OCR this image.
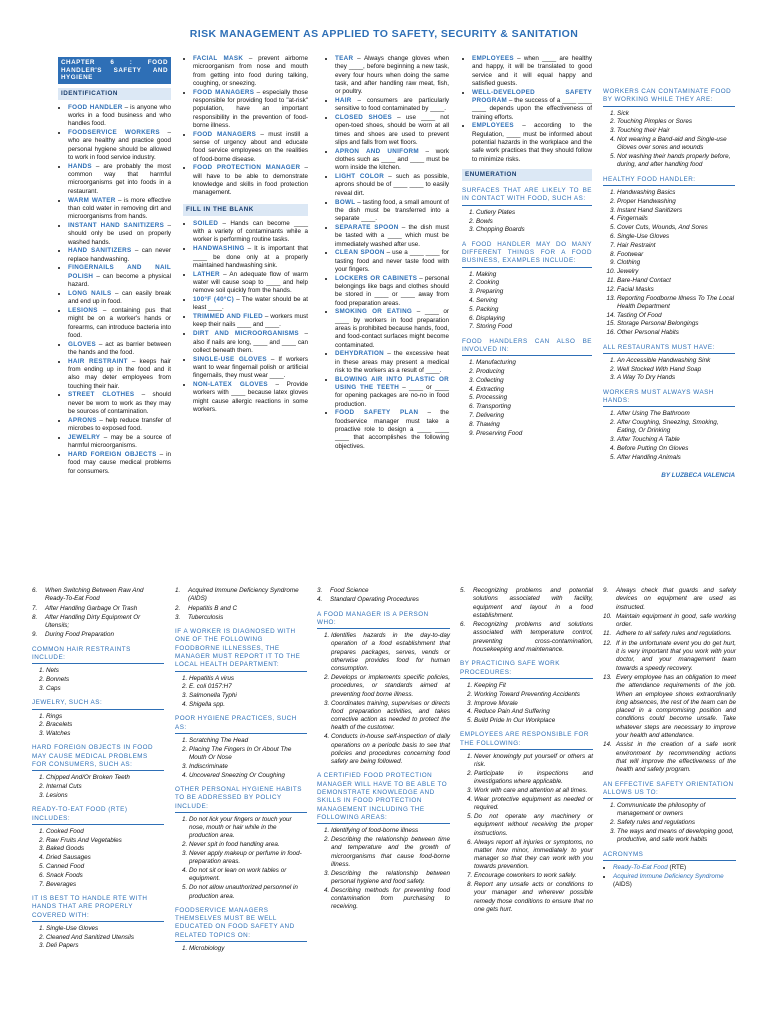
RISK MANAGEMENT AS APPLIED TO SAFETY, SECURITY & SANITATION
CHAPTER 6 : FOOD HANDLER'S SAFETY AND HYGIENE
IDENTIFICATION
• FOOD HANDLER – is anyone who works in a food business and who handles food.
• FOODSERVICE WORKERS – who are healthy and practice good personal hygiene should be allowed to work in food service industry.
• HANDS – are probably the most common way that harmful microorganisms get into foods in a restaurant.
• WARM WATER – is more effective than cold water in removing dirt and microorganisms from hands.
• INSTANT HAND SANITIZERS – should only be used on properly washed hands.
• HAND SANITIZERS – can never replace handwashing.
• FINGERNAILS AND NAIL POLISH – can become a physical hazard.
• LONG NAILS – can easily break and end up in food.
• LESIONS – containing pus that might be on a worker's hands or forearms, can introduce bacteria into food.
• GLOVES – act as barrier between the hands and the food.
• HAIR RESTRAINT – keeps hair from ending up in the food and it also may deter employees from touching their hair.
• STREET CLOTHES – should never be worn to work as they may be sources of contamination.
• APRONS – help reduce transfer of microbes to exposed food.
• JEWELRY – may be a source of harmful microorganisms.
• HARD FOREIGN OBJECTS – in food may cause medical problems for consumers.
• FACIAL MASK – prevent airborne microorganism from nose and mouth from getting into food during talking, coughing, or sneezing.
• FOOD MANAGERS – especially those responsible for providing food to "at-risk" population, have an important responsibility in the prevention of food-borne illness.
• FOOD MANAGERS – must instill a sense of urgency about and educate food service employees on the realities of food-borne disease.
• FOOD PROTECTION MANAGER – will have to be able to demonstrate knowledge and skills in food protection management.
FILL IN THE BLANK
• SOILED – Hands can become ____ with a variety of contaminants while a worker is performing routine tasks.
• HANDWASHING – It is important that ____ be done only at a properly maintained handwashing sink.
• LATHER – An adequate flow of warm water will cause soap to ____ and help remove soil quickly from the hands.
• 100°F (40°C) – The water should be at least ____.
• TRIMMED AND FILED – workers must keep their nails ____ and ____.
• DIRT AND MICROORGANISMS – also if nails are long, ____ and ____ can collect beneath them.
• SINGLE-USE GLOVES – If workers want to wear fingernail polish or artificial fingernails, they must wear ____.
• NON-LATEX GLOVES – Provide workers with ____ because latex gloves might cause allergic reactions in some workers.
• TEAR – Always change gloves when they ____, before beginning a new task, every four hours when doing the same task, and after handling raw meat, fish, or poultry.
• HAIR – consumers are particularly sensitive to food contaminated by ____.
• CLOSED SHOES – use ____ not open-toed shoes, should be worn at all times and shoes are used to prevent slips and falls from wet floors.
• APRON AND UNIFORM – work clothes such as ____ and ____ must be worn inside the kitchen.
• LIGHT COLOR – such as possible, aprons should be of ____ ____ to easily reveal dirt.
• BOWL – tasting food, a small amount of the dish must be transferred into a separate ____.
• SEPARATE SPOON – the dish must be tasted with a ____ which must be immediately washed after use.
• CLEAN SPOON – use a ____ ____ for tasting food and never taste food with your fingers.
• LOCKERS OR CABINETS – personal belongings like bags and clothes should be stored in ____ or ____ away from food preparation areas.
• SMOKING OR EATING – ____ or ____ by workers in food preparation areas is prohibited because hands, food, and food-contact surfaces might become contaminated.
• DEHYDRATION – the excessive heat in these areas may present a medical risk to the workers as a result of ____.
• BLOWING AIR INTO PLASTIC OR USING THE TEETH – ____ or ____ for opening packages are no-no in food production.
• FOOD SAFETY PLAN – the foodservice manager must take a proactive role to design a ____ ____ ____ that accomplishes the following objectives.
• EMPLOYEES – when ____ are healthy and happy, it will be translated to good service and it will equal happy and satisfied guests.
• WELL-DEVELOPED SAFETY PROGRAM – the success of a ____ ____ ____ depends upon the effectiveness of training efforts.
• EMPLOYEES – according to the Regulation, ____ must be informed about potential hazards in the workplace and the safe work practices that they should follow to minimize risks.
ENUMERATION
SURFACES THAT ARE LIKELY TO BE IN CONTACT WITH FOOD, SUCH AS:
1. Cutlery Plates
2. Bowls
3. Chopping Boards
A FOOD HANDLER MAY DO MANY DIFFERENT THINGS FOR A FOOD BUSINESS, EXAMPLES INCLUDE:
1. Making
2. Cooking
3. Preparing
4. Serving
5. Packing
6. Displaying
7. Storing Food
FOOD HANDLERS CAN ALSO BE INVOLVED IN:
1. Manufacturing
2. Producing
3. Collecting
4. Extracting
5. Processing
6. Transporting
7. Delivering
8. Thawing
9. Preserving Food
WORKERS CAN CONTAMINATE FOOD BY WORKING WHILE THEY ARE:
1. Sick
2. Touching Pimples or Sores
3. Touching their Hair
4. Not wearing a Band-aid and Single-use Gloves over sores and wounds
5. Not washing their hands properly before, during, and after handling food
HEALTHY FOOD HANDLER:
1. Handwashing Basics
2. Proper Handwashing
3. Instant Hand Sanitizers
4. Fingernails
5. Cover Cuts, Wounds, And Sores
6. Single-Use Gloves
7. Hair Restraint
8. Footwear
9. Clothing
10. Jewelry
11. Bare-Hand Contact
12. Facial Masks
13. Reporting Foodborne Illness To The Local Health Department
14. Tasting Of Food
15. Storage Personal Belongings
16. Other Personal Habits
ALL RESTAURANTS MUST HAVE:
1. An Accessible Handwashing Sink
2. Well Stocked With Hand Soap
3. A Way To Dry Hands
WORKERS MUST ALWAYS WASH HANDS:
1. After Using The Bathroom
2. After Coughing, Sneezing, Smoking, Eating, Or Drinking
3. After Touching A Table
4. Before Putting On Gloves
5. After Handling Animals
BY LUZBECA VALENCIA
6.	When Switching Between Raw And Ready-To-Eat Food
7.	After Handling Garbage Or Trash
8.	After Handling Dirty Equipment Or Utensils;
9.	During Food Preparation
COMMON HAIR RESTRAINTS INCLUDE:
1. Nets
2. Bonnets
3. Caps
JEWELRY, SUCH AS:
1. Rings
2. Bracelets
3. Watches
HARD FOREIGN OBJECTS IN FOOD MAY CAUSE MEDICAL PROBLEMS FOR CONSUMERS, SUCH AS:
1. Chipped And/Or Broken Teeth
2. Internal Cuts
3. Lesions
READY-TO-EAT FOOD (RTE) INCLUDES:
1. Cooked Food
2. Raw Fruits And Vegetables
3. Baked Goods
4. Dried Sausages
5. Canned Food
6. Snack Foods
7. Beverages
IT IS BEST TO HANDLE RTE WITH HANDS THAT ARE PROPERLY COVERED WITH:
1. Single-Use Gloves
2. Cleaned And Sanitized Utensils
3. Deli Papers
1.	Acquired Immune Deficiency Syndrome (AIDS)
2.	Hepatitis B and C
3.	Tuberculosis
IF A WORKER IS DIAGNOSED WITH ONE OF THE FOLLOWING FOODBORNE ILLNESSES, THE MANAGER MUST REPORT IT TO THE LOCAL HEALTH DEPARTMENT:
1. Hepatitis A virus
2. E. coli 0157:H7
3. Salmonella Typhi
4. Shigella spp.
POOR HYGIENE PRACTICES, SUCH AS:
1. Scratching The Head
2. Placing The Fingers In Or About The Mouth Or Nose
3. Indiscriminate
4. Uncovered Sneezing Or Coughing
OTHER PERSONAL HYGIENE HABITS TO BE ADDRESSED BY POLICY INCLUDE:
1. Do not lick your fingers or touch your nose, mouth or hair while in the production area.
2. Never spit in food handling area.
3. Never apply makeup or perfume in food-preparation areas.
4. Do not sit or lean on work tables or equipment.
5. Do not allow unauthorized personnel in production area.
FOODSERVICE MANAGERS THEMSELVES MUST BE WELL EDUCATED ON FOOD SAFETY AND RELATED TOPICS ON:
1. Microbiology
3.	Food Science
4.	Standard Operating Procedures
A FOOD MANAGER IS A PERSON WHO:
1. Identifies hazards in the day-to-day operation of a food establishment that prepares packages, serves, vends or otherwise provides food for human consumption.
2. Develops or implements specific policies, procedures, or standards aimed at preventing food borne illness.
3. Coordinates training, supervises or directs food preparation activities, and takes corrective action as needed to protect the health of the customer.
4. Conducts in-house self-inspection of daily operations on a periodic basis to see that policies and procedures concerning food safety are being followed.
A CERTIFIED FOOD PROTECTION MANAGER WILL HAVE TO BE ABLE TO DEMONSTRATE KNOWLEDGE AND SKILLS IN FOOD PROTECTION MANAGEMENT INCLUDING THE FOLLOWING AREAS:
1. Identifying of food-borne illness
2. Describing the relationship between time and temperature and the growth of microorganisms that cause food-borne illness.
3. Describing the relationship between personal hygiene and food safety.
4. Describing methods for preventing food contamination from purchasing to receiving.
5.	Recognizing problems and potential solutions associated with facility, equipment and layout in a food establishment.
6.	Recognizing problems and solutions associated with temperature control, preventing cross-contamination, housekeeping and maintenance.
BY PRACTICING SAFE WORK PROCEDURES:
1. Keeping Fit
2. Working Toward Preventing Accidents
3. Improve Morale
4. Reduce Pain And Suffering
5. Build Pride In Our Workplace
EMPLOYEES ARE RESPONSIBLE FOR THE FOLLOWING:
1. Never knowingly put yourself or others at risk.
2. Participate in inspections and investigations where applicable.
3. Work with care and attention at all times.
4. Wear protective equipment as needed or required.
5. Do not operate any machinery or equipment without receiving the proper instructions.
6. Always report all injuries or symptoms, no matter how minor, immediately to your manager so that they can work with you towards prevention.
7. Encourage coworkers to work safely.
8. Report any unsafe acts or conditions to your manager and wherever possible remedy those conditions to ensure that no one gets hurt.
9.	Always check that guards and safety devices on equipment are used as instructed.
10. Maintain equipment in good, safe working order.
11. Adhere to all safety rules and regulations.
12. If in the unfortunate event you do get hurt, it is very important that you work with your doctor, and your management team towards a speedy recovery.
13. Every employee has an obligation to meet the attendance requirements of the job. When an employee shows extraordinarily long absences, the rest of the team can be placed in a compromising position and conditions could become unsafe. Take whatever steps are necessary to improve your health and attendance.
14. Assist in the creation of a safe work environment by recommending actions that will improve the effectiveness of the health and safety program.
AN EFFECTIVE SAFETY ORIENTATION ALLOWS US TO:
1. Communicate the philosophy of management or owners
2. Safety rules and regulations
3. The ways and means of developing good, productive, and safe work habits
ACRONYMS
• Ready-To-Eat Food (RTE)
• Acquired Immune Deficiency Syndrome (AIDS)
